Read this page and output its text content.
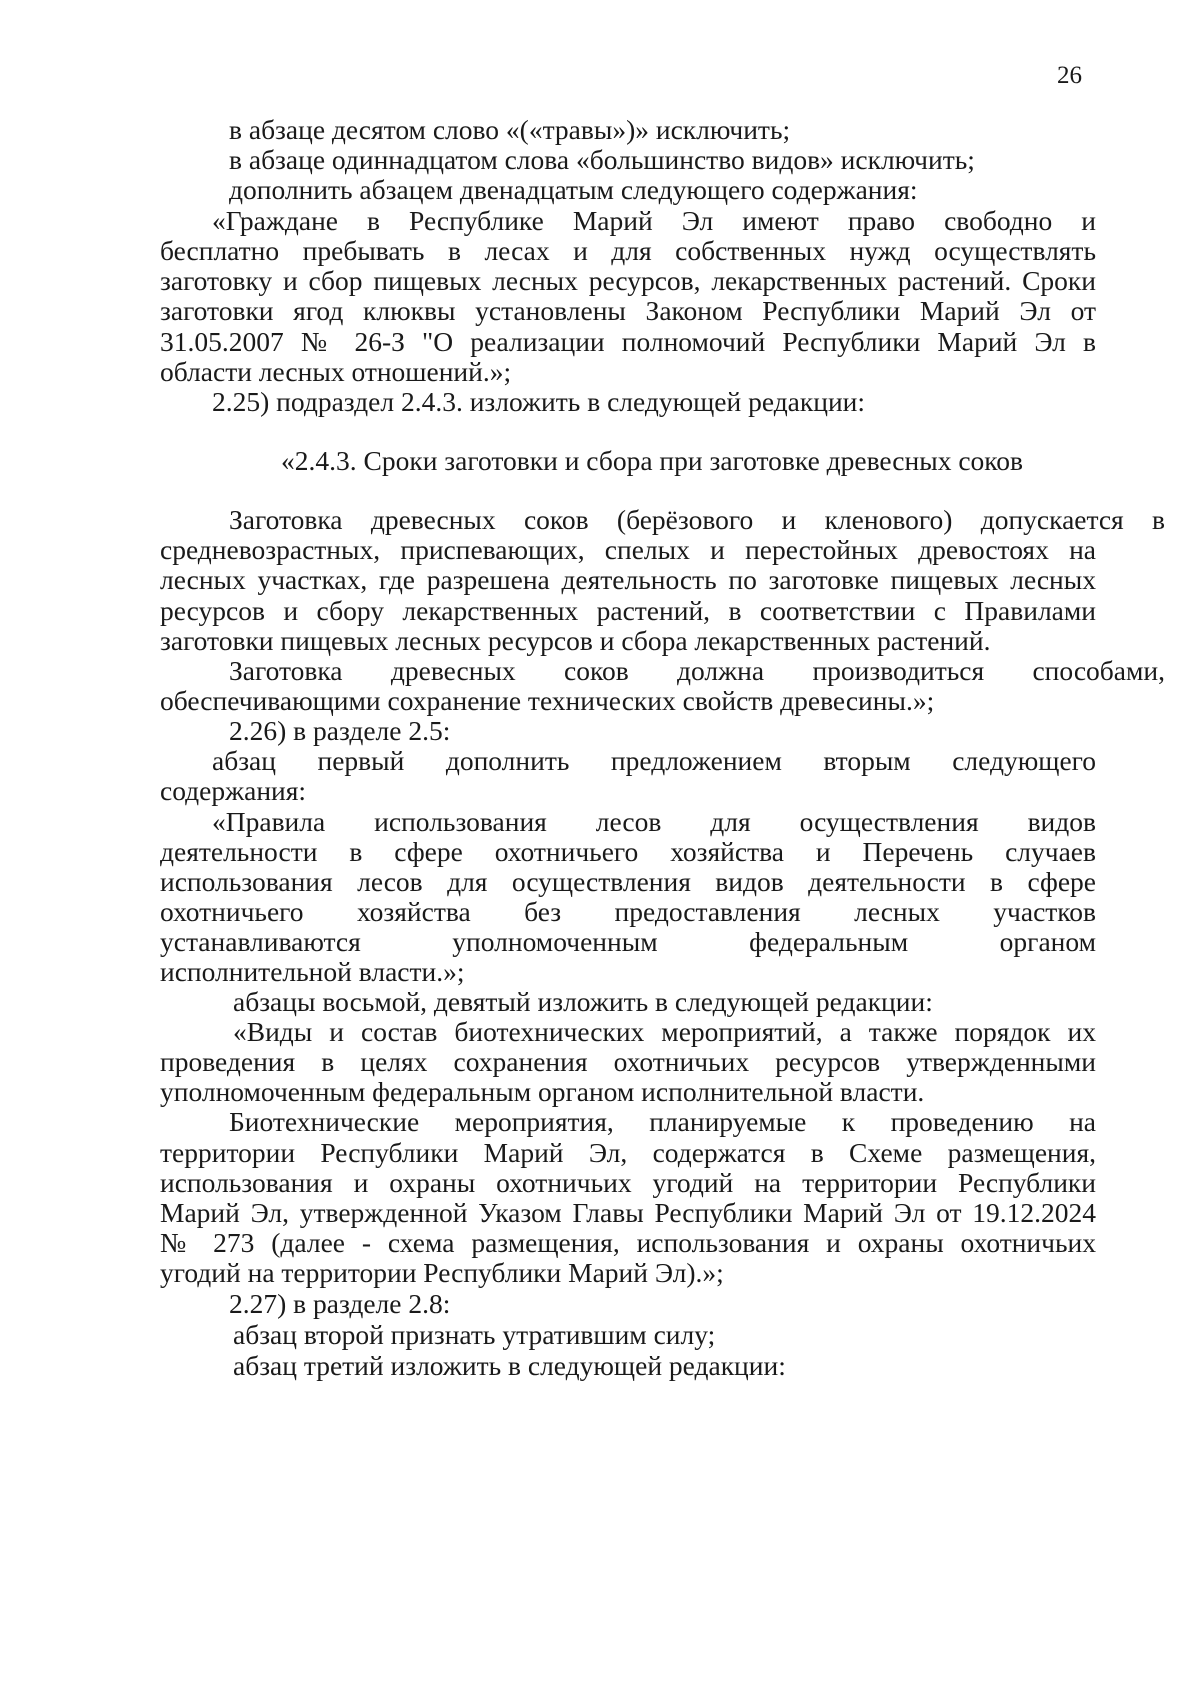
26
в абзаце десятом слово «(«травы»)» исключить;
в абзаце одиннадцатом слова «большинство видов» исключить;
дополнить абзацем двенадцатым следующего содержания:
«Граждане в Республике Марий Эл имеют право свободно и
бесплатно пребывать в лесах и для собственных нужд осуществлять
заготовку и сбор пищевых лесных ресурсов, лекарственных растений. Сроки
заготовки ягод клюквы установлены Законом Республики Марий Эл от
31.05.2007 № 26-З "О реализации полномочий Республики Марий Эл в
области лесных отношений.»;
2.25) подраздел 2.4.3. изложить в следующей редакции:
«2.4.3. Сроки заготовки и сбора при заготовке древесных соков
Заготовка древесных соков (берёзового и кленового) допускается в
средневозрастных, приспевающих, спелых и перестойных древостоях на
лесных участках, где разрешена деятельность по заготовке пищевых лесных
ресурсов и сбору лекарственных растений, в соответствии с Правилами
заготовки пищевых лесных ресурсов и сбора лекарственных растений.
Заготовка древесных соков должна производиться способами,
обеспечивающими сохранение технических свойств древесины.»;
2.26) в разделе 2.5:
абзац первый дополнить предложением вторым следующего
содержания:
«Правила использования лесов для осуществления видов
деятельности в сфере охотничьего хозяйства и Перечень случаев
использования лесов для осуществления видов деятельности в сфере
охотничьего хозяйства без предоставления лесных участков
устанавливаются уполномоченным федеральным органом
исполнительной власти.»;
абзацы восьмой, девятый изложить в следующей редакции:
«Виды и состав биотехнических мероприятий, а также порядок их
проведения в целях сохранения охотничьих ресурсов утвержденными
уполномоченным федеральным органом исполнительной власти.
Биотехнические мероприятия, планируемые к проведению на
территории Республики Марий Эл, содержатся в Схеме размещения,
использования и охраны охотничьих угодий на территории Республики
Марий Эл, утвержденной Указом Главы Республики Марий Эл от 19.12.2024
№ 273 (далее - схема размещения, использования и охраны охотничьих
угодий на территории Республики Марий Эл).»;
2.27) в разделе 2.8:
абзац второй признать утратившим силу;
абзац третий изложить в следующей редакции:
